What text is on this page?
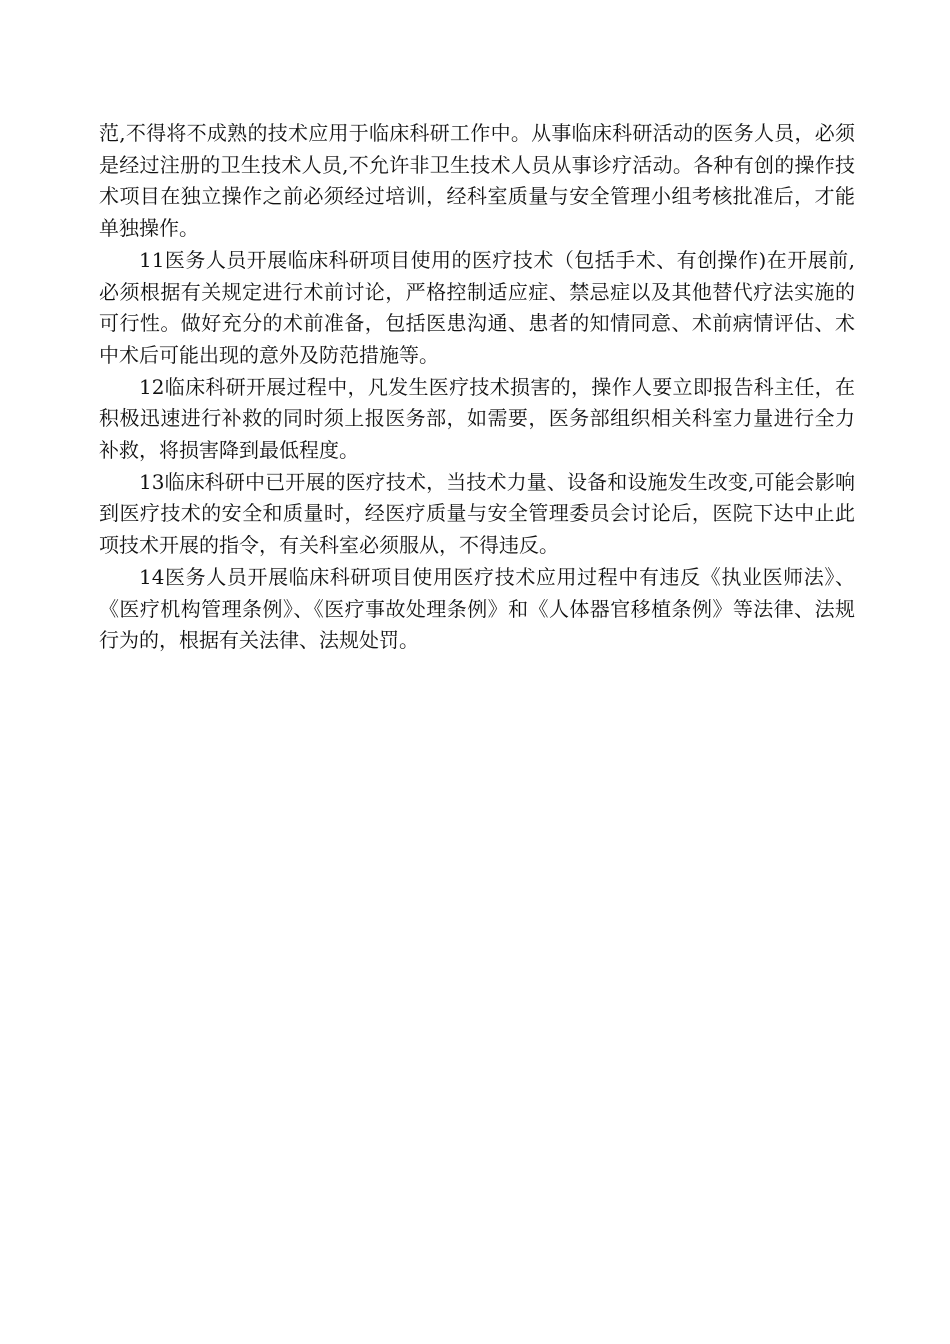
范,不得将不成熟的技术应用于临床科研工作中。从事临床科研活动的医务人员，必须是经过注册的卫生技术人员,不允许非卫生技术人员从事诊疗活动。各种有创的操作技术项目在独立操作之前必须经过培训，经科室质量与安全管理小组考核批准后，才能单独操作。

11医务人员开展临床科研项目使用的医疗技术（包括手术、有创操作)在开展前,必须根据有关规定进行术前讨论，严格控制适应症、禁忌症以及其他替代疗法实施的可行性。做好充分的术前准备，包括医患沟通、患者的知情同意、术前病情评估、术中术后可能出现的意外及防范措施等。

12临床科研开展过程中，凡发生医疗技术损害的，操作人要立即报告科主任，在积极迅速进行补救的同时须上报医务部，如需要，医务部组织相关科室力量进行全力补救，将损害降到最低程度。

13临床科研中已开展的医疗技术，当技术力量、设备和设施发生改变,可能会影响到医疗技术的安全和质量时，经医疗质量与安全管理委员会讨论后，医院下达中止此项技术开展的指令，有关科室必须服从，不得违反。

14医务人员开展临床科研项目使用医疗技术应用过程中有违反《执业医师法》、《医疗机构管理条例》、《医疗事故处理条例》和《人体器官移植条例》等法律、法规行为的，根据有关法律、法规处罚。
